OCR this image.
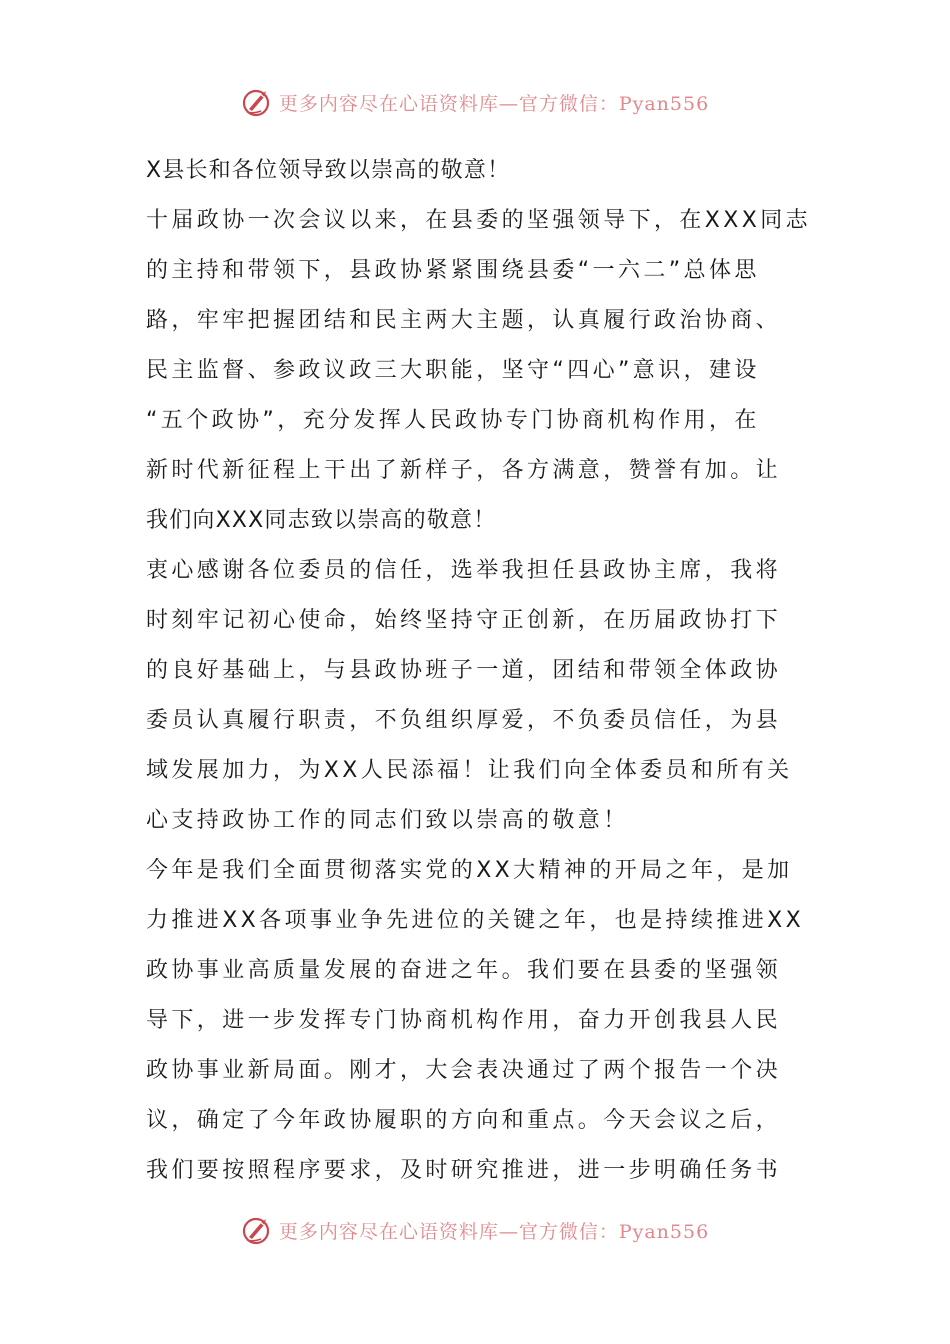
更多内容尽在心语资料库—官方微信：Pyan556
X县长和各位领导致以崇高的敬意！
十届政协一次会议以来，在县委的坚强领导下，在XXX同志
的主持和带领下，县政协紧紧围绕县委“一六二”总体思
路，牢牢把握团结和民主两大主题，认真履行政治协商、
民主监督、参政议政三大职能，坚守“四心”意识，建设
“五个政协”，充分发挥人民政协专门协商机构作用，在
新时代新征程上干出了新样子，各方满意，赞誉有加。让
我们向XXX同志致以崇高的敬意！
衷心感谢各位委员的信任，选举我担任县政协主席，我将
时刻牢记初心使命，始终坚持守正创新，在历届政协打下
的良好基础上，与县政协班子一道，团结和带领全体政协
委员认真履行职责，不负组织厚爱，不负委员信任，为县
域发展加力，为XX人民添福！让我们向全体委员和所有关
心支持政协工作的同志们致以崇高的敬意！
今年是我们全面贯彻落实党的XX大精神的开局之年，是加
力推进XX各项事业争先进位的关键之年，也是持续推进XX
政协事业高质量发展的奋进之年。我们要在县委的坚强领
导下，进一步发挥专门协商机构作用，奋力开创我县人民
政协事业新局面。刚才，大会表决通过了两个报告一个决
议，确定了今年政协履职的方向和重点。今天会议之后，
我们要按照程序要求，及时研究推进，进一步明确任务书
更多内容尽在心语资料库—官方微信：Pyan556
